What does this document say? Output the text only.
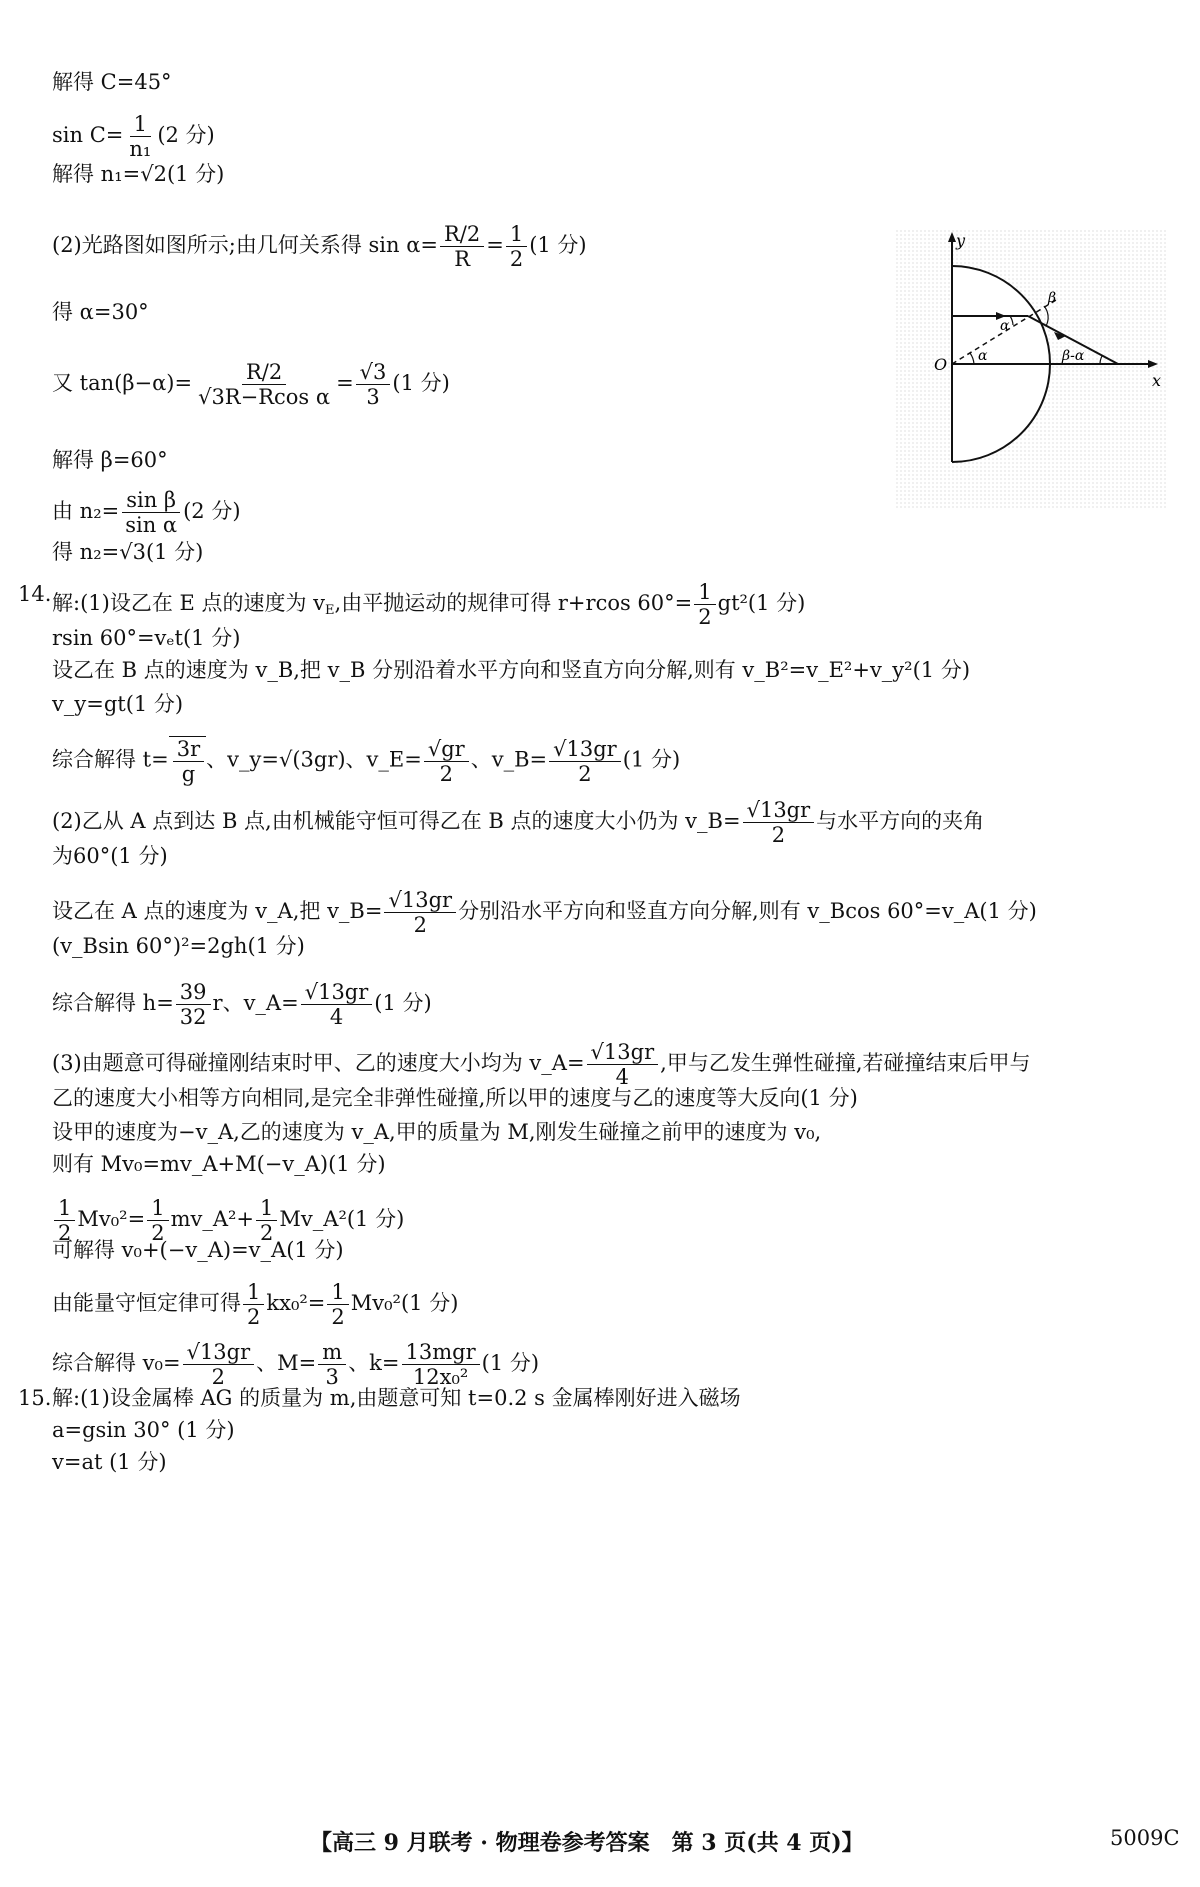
解得 C=45°
$\sin C= \frac{1}{\text{n₁}} (2$ 分)
解得 n₁=√2(1 分)
(2)光路图如图所示;由几何关系得 $\sin \alpha= \frac{R/2}{R} = \frac{1}{2} (1$ 分)
得 α=30°
又 $\tan(\beta-\alpha)= \frac{R/2}{\text{√3R−Rcos α}} = \frac{√3}{3} (1$ 分)
解得 β=60°
由 $n_2= \frac{\text{sin β}}{\text{sin α}} (2$ 分)
得 n₂=√3(1 分)
14. 解:(1)设乙在 E 点的速度为 $v_E$,由平抛运动的规律可得 r+rcos $60^\circ= \frac{1}{2} gt^2(1$ 分)
rsin 60°=vₑt(1 分)
设乙在 B 点的速度为 v_B,把 v_B 分别沿着水平方向和竖直方向分解,则有 v_B²=v_E²+v_y²(1 分)
v_y=gt(1 分)
综合解得 $t= \frac{3r}{g}$ 、v_y=√(3gr)、v_E= $\frac{√gr}{2}$ 、v_B= $\frac{√13gr}{2} (1$ 分)
(2)乙从 A 点到达 B 点,由机械能守恒可得乙在 B 点的速度大小仍为 v_B= $\frac{√13gr}{2}$ 与水平方向的夹角
为60°(1 分)
设乙在 A 点的速度为 v_A,把 v_B= $\frac{√13gr}{2}$ 分别沿水平方向和竖直方向分解,则有 v_Bcos 60°=v_A(1 分)
(v_Bsin 60°)²=2gh(1 分)
综合解得 $h= \frac{39}{32}$ r、v_A= $\frac{√13gr}{4} (1$ 分)
(3)由题意可得碰撞刚结束时甲、乙的速度大小均为 v_A= $\frac{√13gr}{4}$ ,甲与乙发生弹性碰撞,若碰撞结束后甲与
乙的速度大小相等方向相同,是完全非弹性碰撞,所以甲的速度与乙的速度等大反向(1 分)
设甲的速度为−v_A,乙的速度为 v_A,甲的质量为 M,刚发生碰撞之前甲的速度为 v₀,
则有 Mv₀=mv_A+M(−v_A)(1 分)
$\frac{1}{2} Mv_0^2= \frac{1}{2}$ mv_A²+ $\frac{1}{2}$ Mv_A²(1 分)
可解得 v₀+(−v_A)=v_A(1 分)
由能量守恒定律可得 $\frac{1}{2} kx_0^2= \frac{1}{2} Mv_0^2(1$ 分)
综合解得 $v_0= \frac{√13gr}{2}$ 、$M= \frac{m}{3}$ 、$k= \frac{\text{13mgr}}{\text{12x₀²}} (1$ 分)
15. 解:(1)设金属棒 AG 的质量为 m,由题意可知 t=0.2 s 金属棒刚好进入磁场
a=gsin 30° (1 分)
v=at (1 分)
y
x
O α
α
β
β-α
【高三 9 月联考 · 物理卷参考答案　第 3 页(共 4 页)】	5009C
